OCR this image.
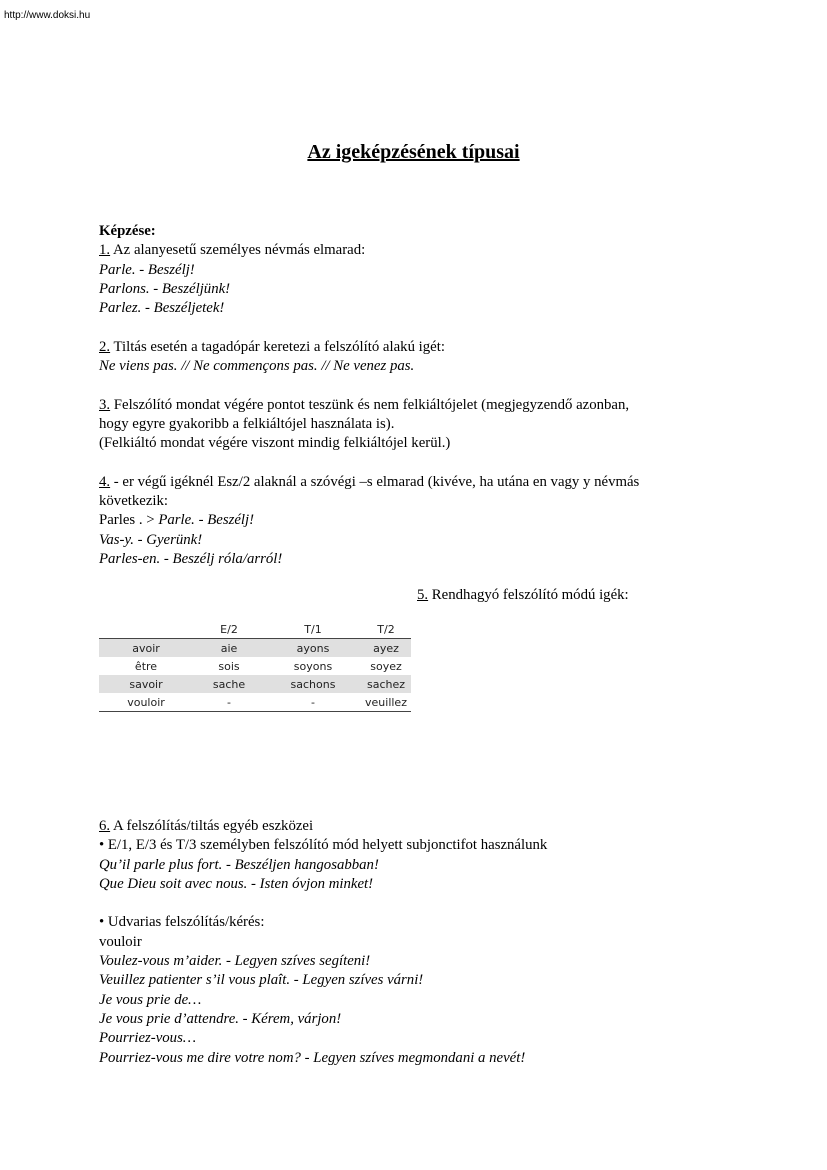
http://www.doksi.hu
Az igeképzésének típusai

Képzése:

1. Az alanyesetű személyes névmás elmarad:

Parle. - Beszélj!

Parlons. - Beszéljünk!

Parlez. - Beszéljetek!

2. Tiltás esetén a tagadópár keretezi a felszólító alakú igét:

Ne viens pas. // Ne commençons pas. // Ne venez pas.

3. Felszólító mondat végére pontot teszünk és nem felkiáltójelet (megjegyzendő azonban,

hogy egyre gyakoribb a felkiáltójel használata is).

(Felkiáltó mondat végére viszont mindig felkiáltójel kerül.)

4. - er végű igéknél Esz/2 alaknál a szóvégi –s elmarad (kivéve, ha utána en vagy y névmás

következik:

Parles . > Parle. - Beszélj!

Vas-y. - Gyerünk!

Parles-en. - Beszélj róla/arról!

5. Rendhagyó felszólító módú igék:
	E/2	T/1	T/2
avoir	aie	ayons	ayez
être	sois	soyons	soyez
savoir	sache	sachons	sachez
vouloir	-	-	veuillez

6. A felszólítás/tiltás egyéb eszközei

• E/1, E/3 és T/3 személyben felszólító mód helyett subjonctifot használunk

Qu’il parle plus fort. - Beszéljen hangosabban!

Que Dieu soit avec nous. - Isten óvjon minket!

• Udvarias felszólítás/kérés:

vouloir

Voulez-vous m’aider. - Legyen szíves segíteni!

Veuillez patienter s’il vous plaît. - Legyen szíves várni!

Je vous prie de…

Je vous prie d’attendre. - Kérem, várjon!

Pourriez-vous…

Pourriez-vous me dire votre nom? - Legyen szíves megmondani a nevét!
